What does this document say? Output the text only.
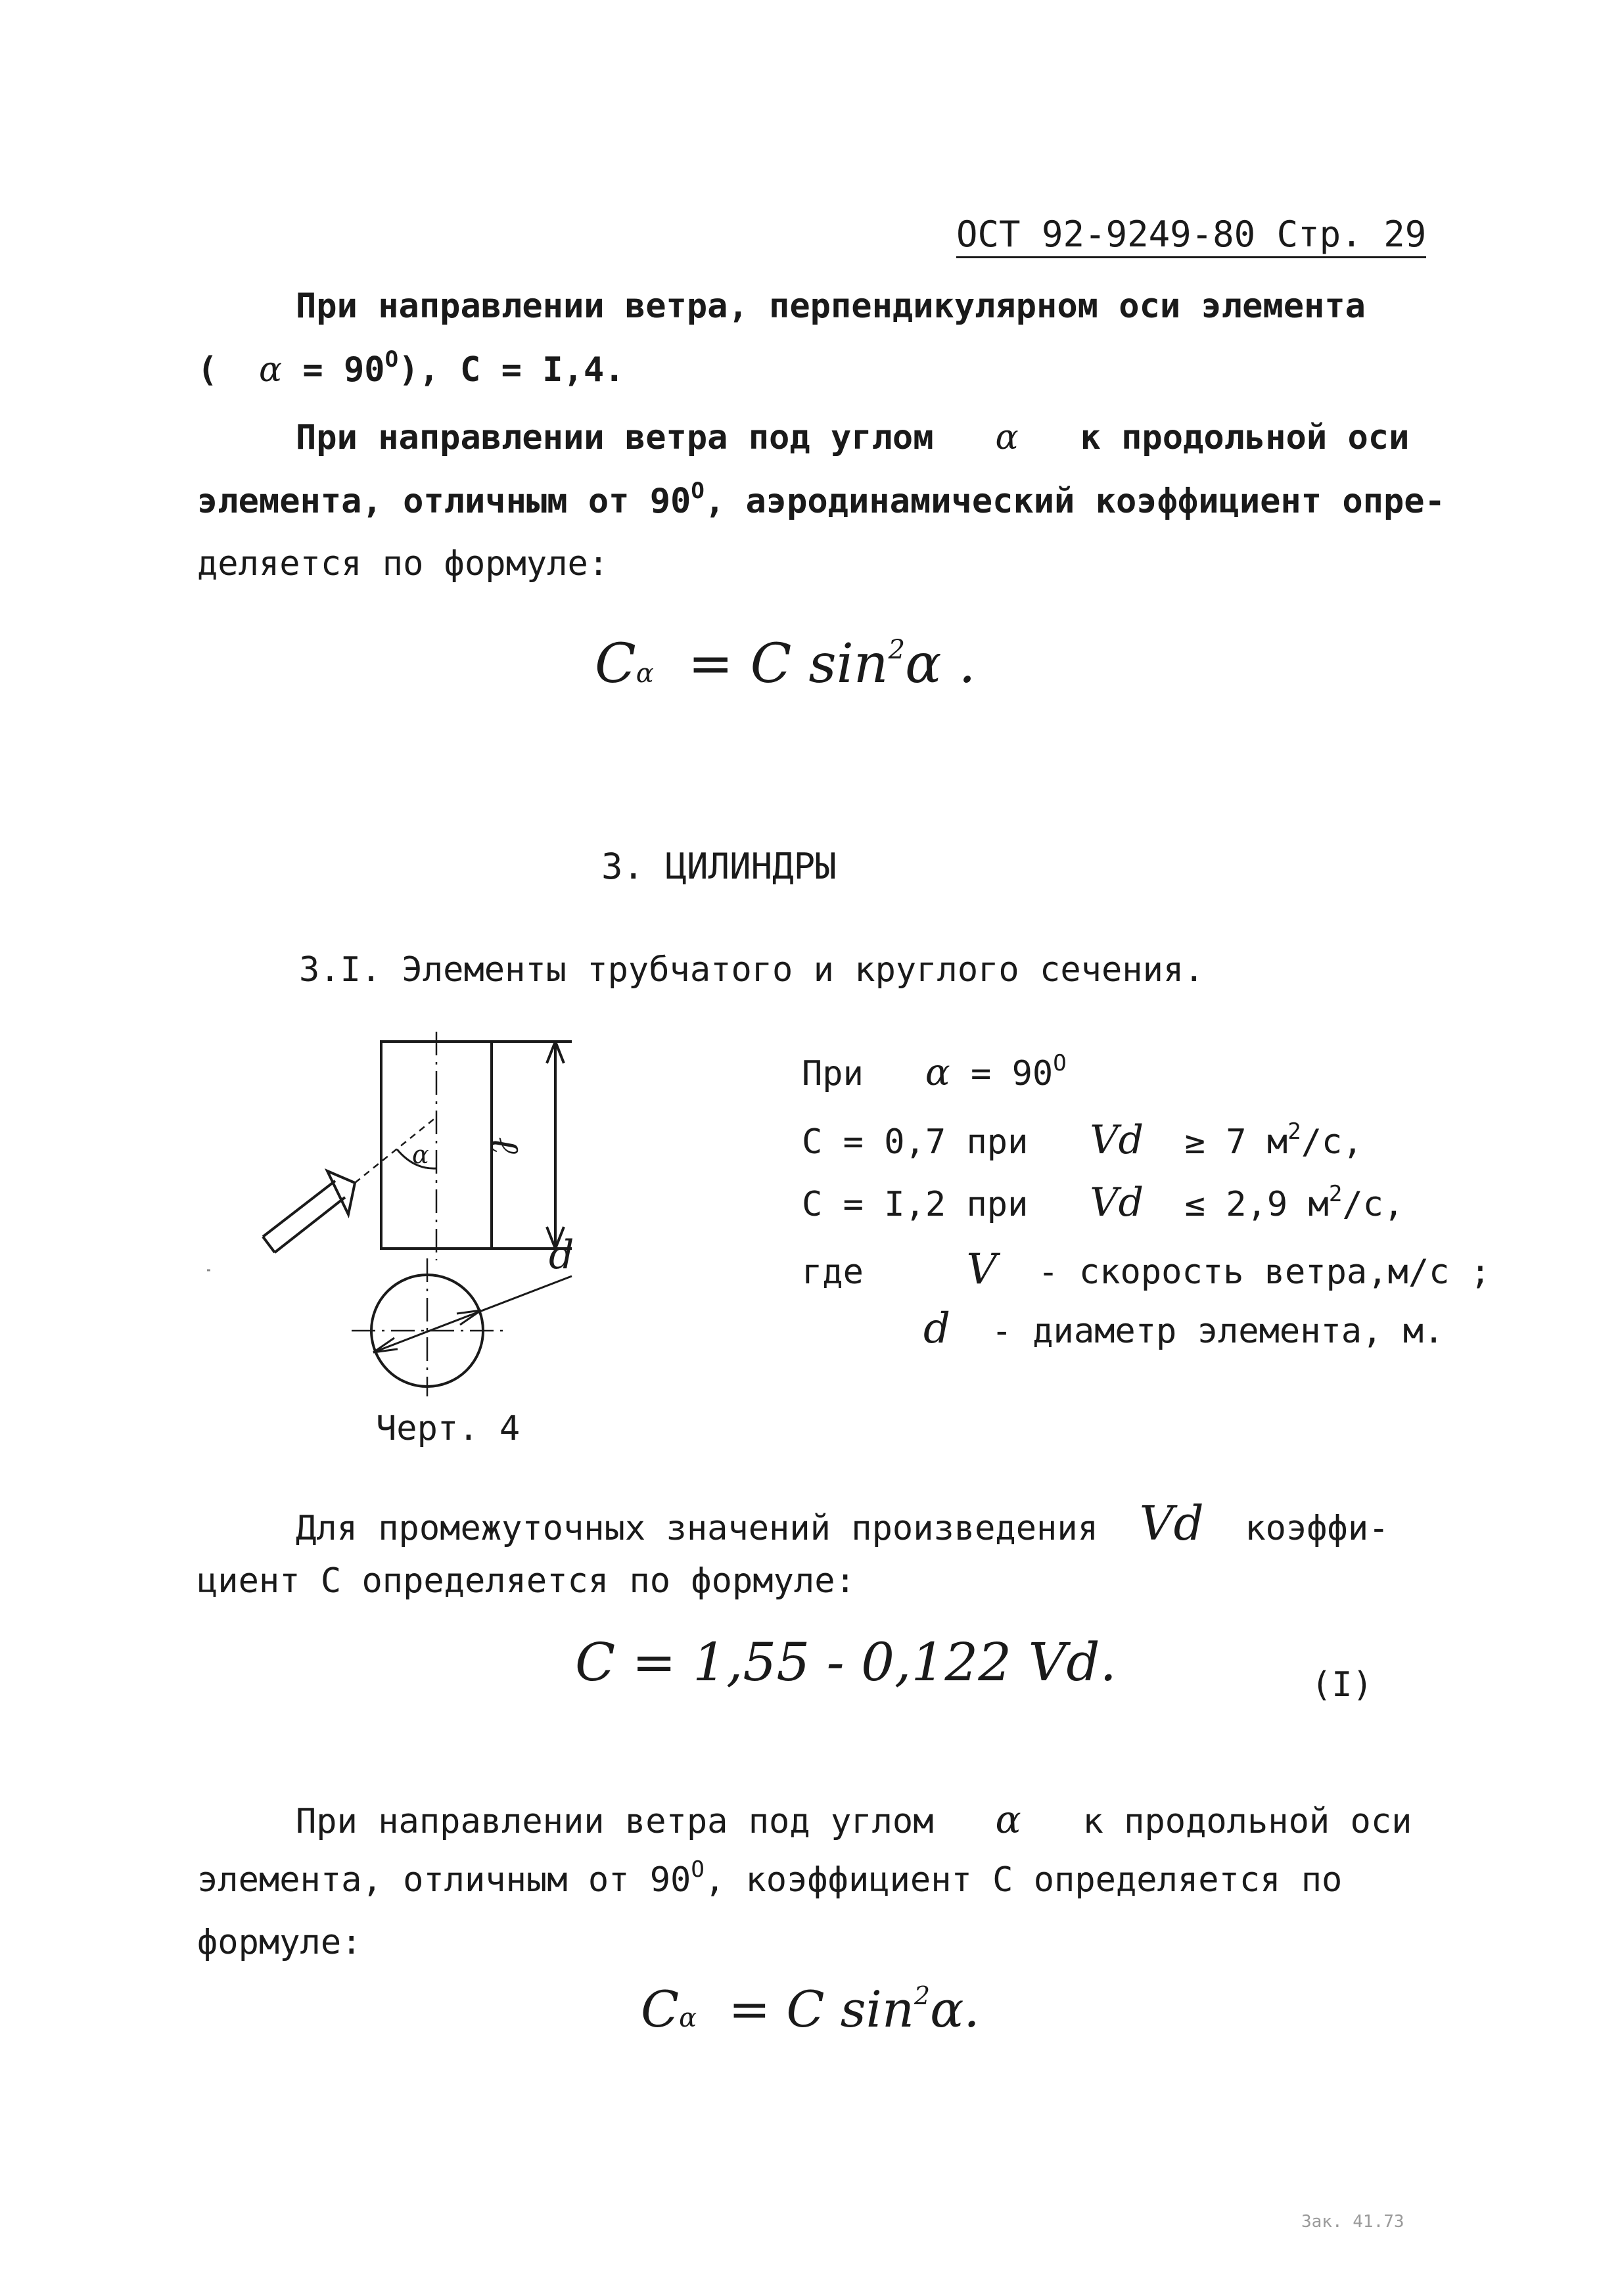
ОСТ 92-9249-80 Стр. 29
При направлении ветра, перпендикулярном оси элемента
( $\alpha = 90^О$), С = I,4.
При направлении ветра под углом α к продольной оси
элемента, отличным от $90^О$, аэродинамический коэффициент опре-
деляется по формуле:
Cα = C $\sin^2\alpha$ .
3. ЦИЛИНДРЫ
3.I. Элементы трубчатого и круглого сечения.
ℓ
α
d
Черт. 4
При $\alpha = 90^О$
С = 0,7 при Vd ≥ 7 $м^2/с$,
С = I,2 при Vd ≤ 2,9 $м^2/с$,
где V - скорость ветра,м/с ;
d - диаметр элемента, м.
Для промежуточных значений произведения Vd коэффи-
циент С определяется по формуле:
C = 1,55 - 0,122 Vd.	(I)
При направлении ветра под углом α к продольной оси
элемента, отличным от $90^О$, коэффициент С определяется по
формуле:
Cα = C $\sin^2\alpha$.
Зак. 41.73
